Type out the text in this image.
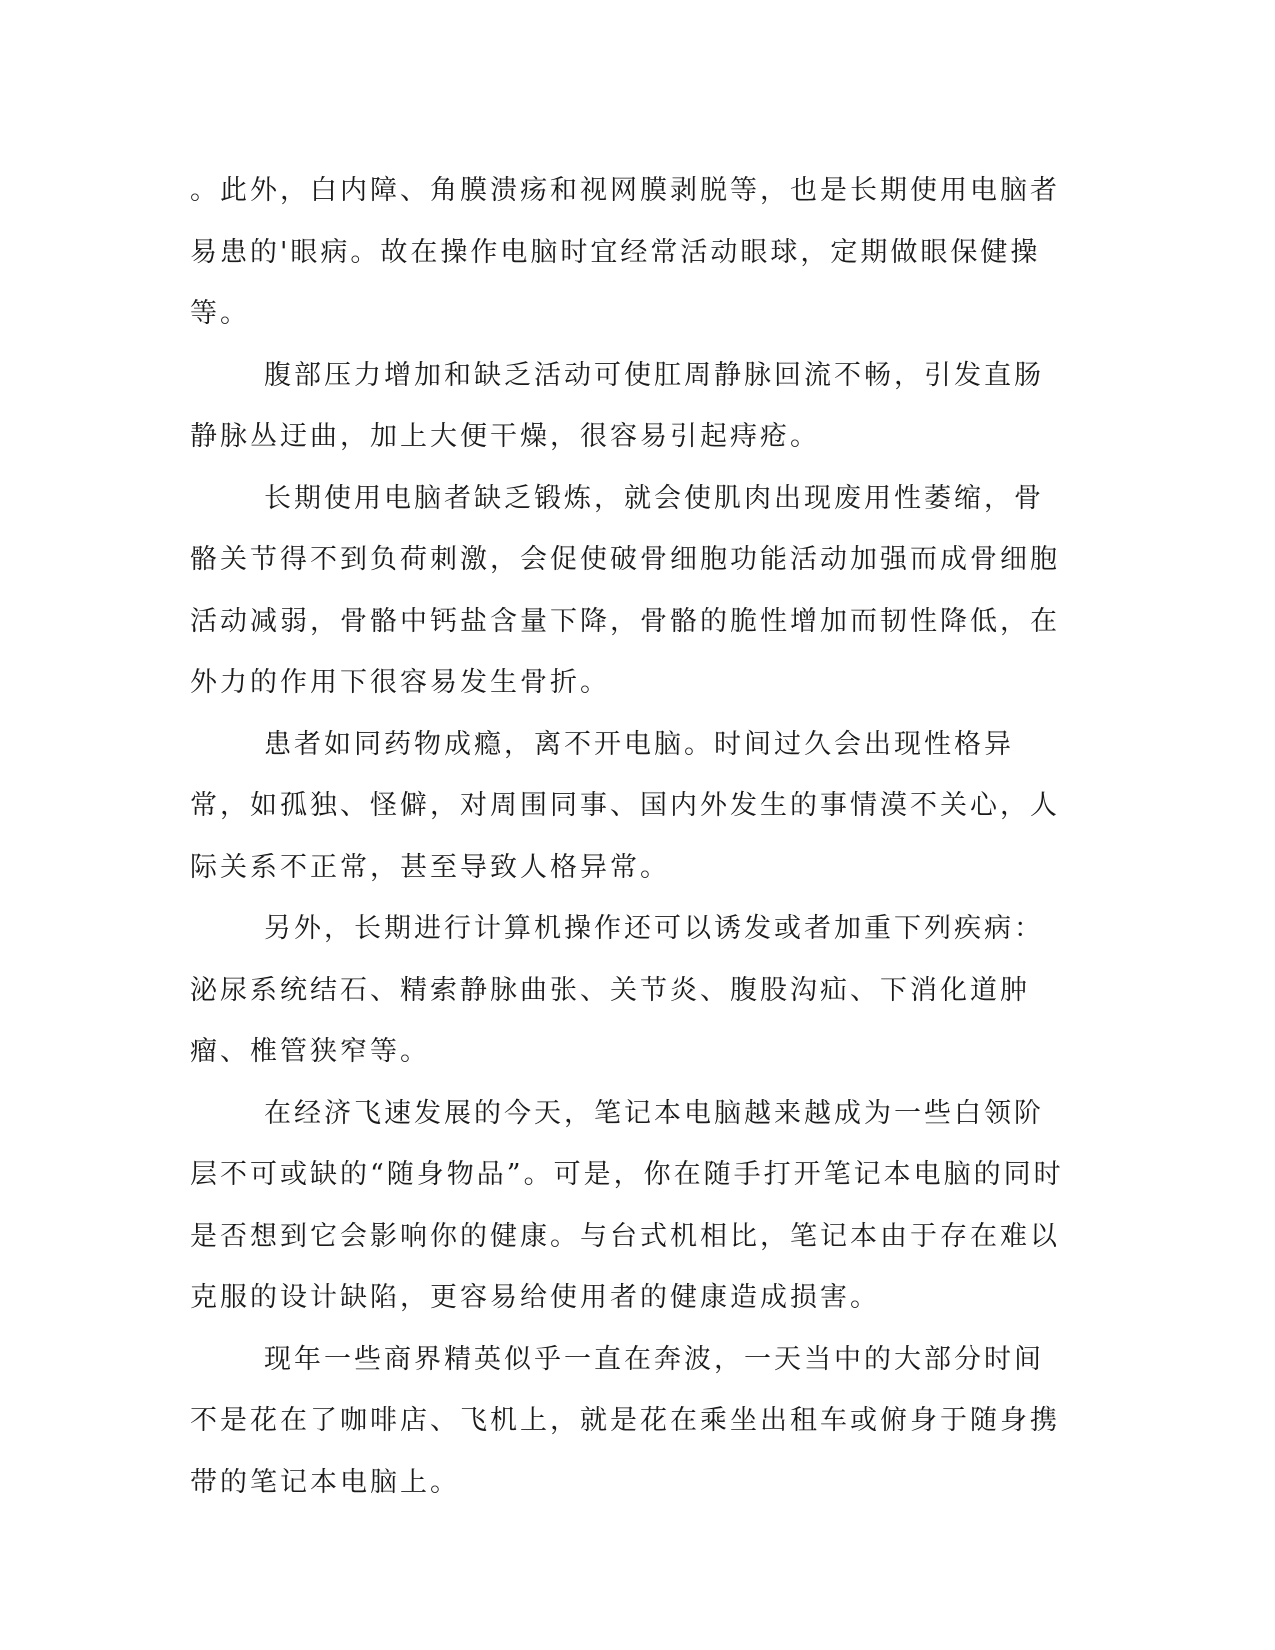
。此外，白内障、角膜溃疡和视网膜剥脱等，也是长期使用电脑者易患的'眼病。故在操作电脑时宜经常活动眼球，定期做眼保健操等。

腹部压力增加和缺乏活动可使肛周静脉回流不畅，引发直肠静脉丛迂曲，加上大便干燥，很容易引起痔疮。

长期使用电脑者缺乏锻炼，就会使肌肉出现废用性萎缩，骨骼关节得不到负荷刺激，会促使破骨细胞功能活动加强而成骨细胞活动减弱，骨骼中钙盐含量下降，骨骼的脆性增加而韧性降低，在外力的作用下很容易发生骨折。

患者如同药物成瘾，离不开电脑。时间过久会出现性格异常，如孤独、怪僻，对周围同事、国内外发生的事情漠不关心，人际关系不正常，甚至导致人格异常。

另外，长期进行计算机操作还可以诱发或者加重下列疾病：泌尿系统结石、精索静脉曲张、关节炎、腹股沟疝、下消化道肿瘤、椎管狭窄等。

在经济飞速发展的今天，笔记本电脑越来越成为一些白领阶层不可或缺的“随身物品”。可是，你在随手打开笔记本电脑的同时是否想到它会影响你的健康。与台式机相比，笔记本由于存在难以克服的设计缺陷，更容易给使用者的健康造成损害。

现年一些商界精英似乎一直在奔波，一天当中的大部分时间不是花在了咖啡店、飞机上，就是花在乘坐出租车或俯身于随身携带的笔记本电脑上。
